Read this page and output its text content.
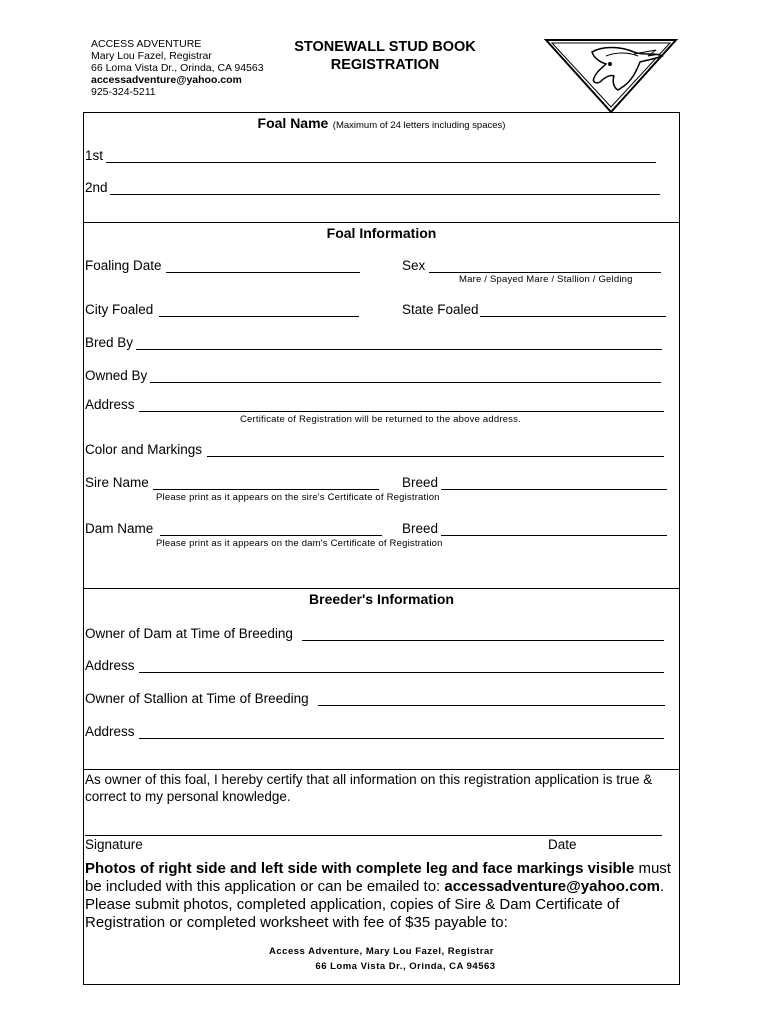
ACCESS ADVENTURE
Mary Lou Fazel, Registrar
66 Loma Vista Dr., Orinda, CA 94563
accessadventure@yahoo.com
925-324-5211
STONEWALL STUD BOOK
REGISTRATION
Foal Name (Maximum of 24 letters including spaces)
1st
2nd
Foal Information
Foaling Date	Sex
Mare / Spayed Mare / Stallion / Gelding
City Foaled	State Foaled
Bred By
Owned By
Address
Certificate of Registration will be returned to the above address.
Color and Markings
Sire Name	Breed
Please print as it appears on the sire's Certificate of Registration
Dam Name	Breed
Please print as it appears on the dam's Certificate of Registration
Breeder's Information
Owner of Dam at Time of Breeding
Address
Owner of Stallion at Time of Breeding
Address
As owner of this foal, I hereby certify that all information on this registration application is true & correct to my personal knowledge.
Signature	Date
Photos of right side and left side with complete leg and face markings visible must be included with this application or can be emailed to: accessadventure@yahoo.com.
Please submit photos, completed application, copies of Sire & Dam Certificate of Registration or completed worksheet with fee of $35 payable to:
Access Adventure, Mary Lou Fazel, Registrar
66 Loma Vista Dr., Orinda, CA 94563
